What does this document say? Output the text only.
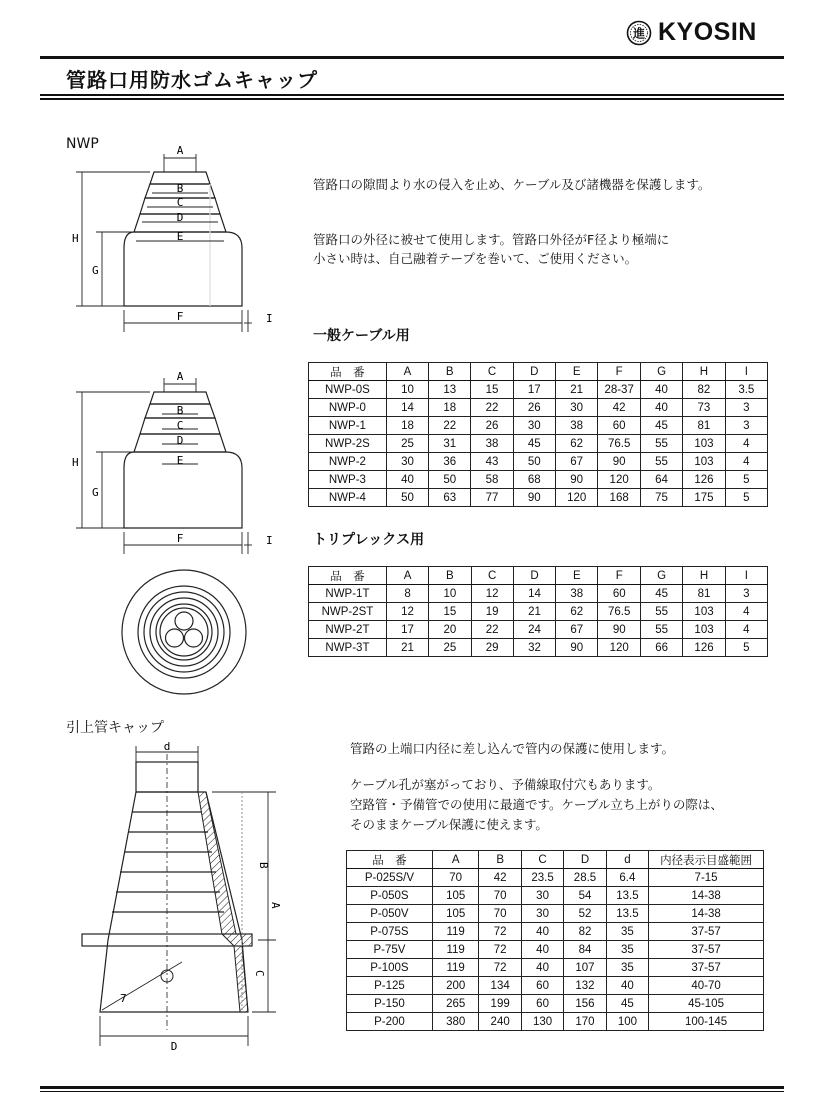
進 KYOSIN
管路口用防水ゴムキャップ
NWP	A
B
C
D
E
F
H
G
I
A
B
C
D
E
F
H
G
I
管路口の隙間より水の侵入を止め、ケーブル及び諸機器を保護します。
管路口の外径に被せて使用します。管路口外径がF径より極端に
小さい時は、自己融着テープを巻いて、ご使用ください。
一般ケーブル用
品　番	A	B	C	D	E	F	G	H	I
NWP-0S	10	13	15	17	21	28-37	40	82	3.5
NWP-0	14	18	22	26	30	42	40	73	3
NWP-1	18	22	26	30	38	60	45	81	3
NWP-2S	25	31	38	45	62	76.5	55	103	4
NWP-2	30	36	43	50	67	90	55	103	4
NWP-3	40	50	58	68	90	120	64	126	5
NWP-4	50	63	77	90	120	168	75	175	5
トリプレックス用
品　番	A	B	C	D	E	F	G	H	I
NWP-1T	8	10	12	14	38	60	45	81	3
NWP-2ST	12	15	19	21	62	76.5	55	103	4
NWP-2T	17	20	22	24	67	90	55	103	4
NWP-3T	21	25	29	32	90	120	66	126	5
引上管キャップ
d
B
A
C
D
7
管路の上端口内径に差し込んで管内の保護に使用します。
ケーブル孔が塞がっており、予備線取付穴もあります。
空路管・予備管での使用に最適です。ケーブル立ち上がりの際は、
そのままケーブル保護に使えます。
品　番	A	B	C	D	d	内径表示目盛範囲
P-025S/V	70	42	23.5	28.5	6.4	7-15
P-050S	105	70	30	54	13.5	14-38
P-050V	105	70	30	52	13.5	14-38
P-075S	119	72	40	82	35	37-57
P-75V	119	72	40	84	35	37-57
P-100S	119	72	40	107	35	37-57
P-125	200	134	60	132	40	40-70
P-150	265	199	60	156	45	45-105
P-200	380	240	130	170	100	100-145
